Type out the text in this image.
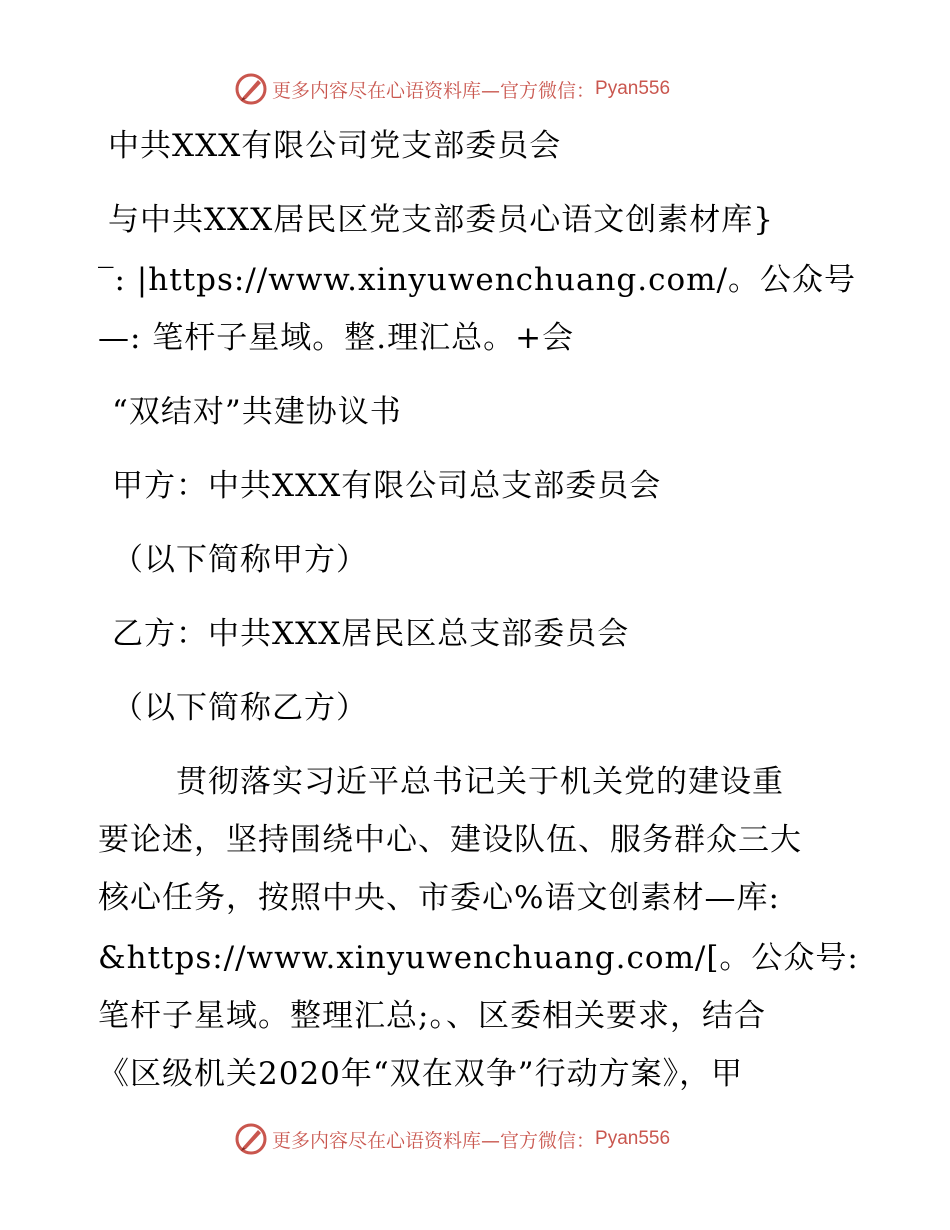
更多内容尽在心语资料库—官方微信： Pyan556
中共XXX有限公司党支部委员会
与中共XXX居民区党支部委员心语文创素材库}
‾: |https://www.xinyuwenchuang.com/。公众号
—: 笔杆子星域。整.理汇总。+会
“双结对”共建协议书
甲方：中共XXX有限公司总支部委员会
（以下简称甲方）
乙方：中共XXX居民区总支部委员会
（以下简称乙方）
贯彻落实习近平总书记关于机关党的建设重
要论述，坚持围绕中心、建设队伍、服务群众三大
核心任务，按照中央、市委心%语文创素材—库:
&https://www.xinyuwenchuang.com/[。公众号:
笔杆子星域。整理汇总;。、区委相关要求，结合
《区级机关2020年“双在双争”行动方案》，甲
更多内容尽在心语资料库—官方微信： Pyan556
